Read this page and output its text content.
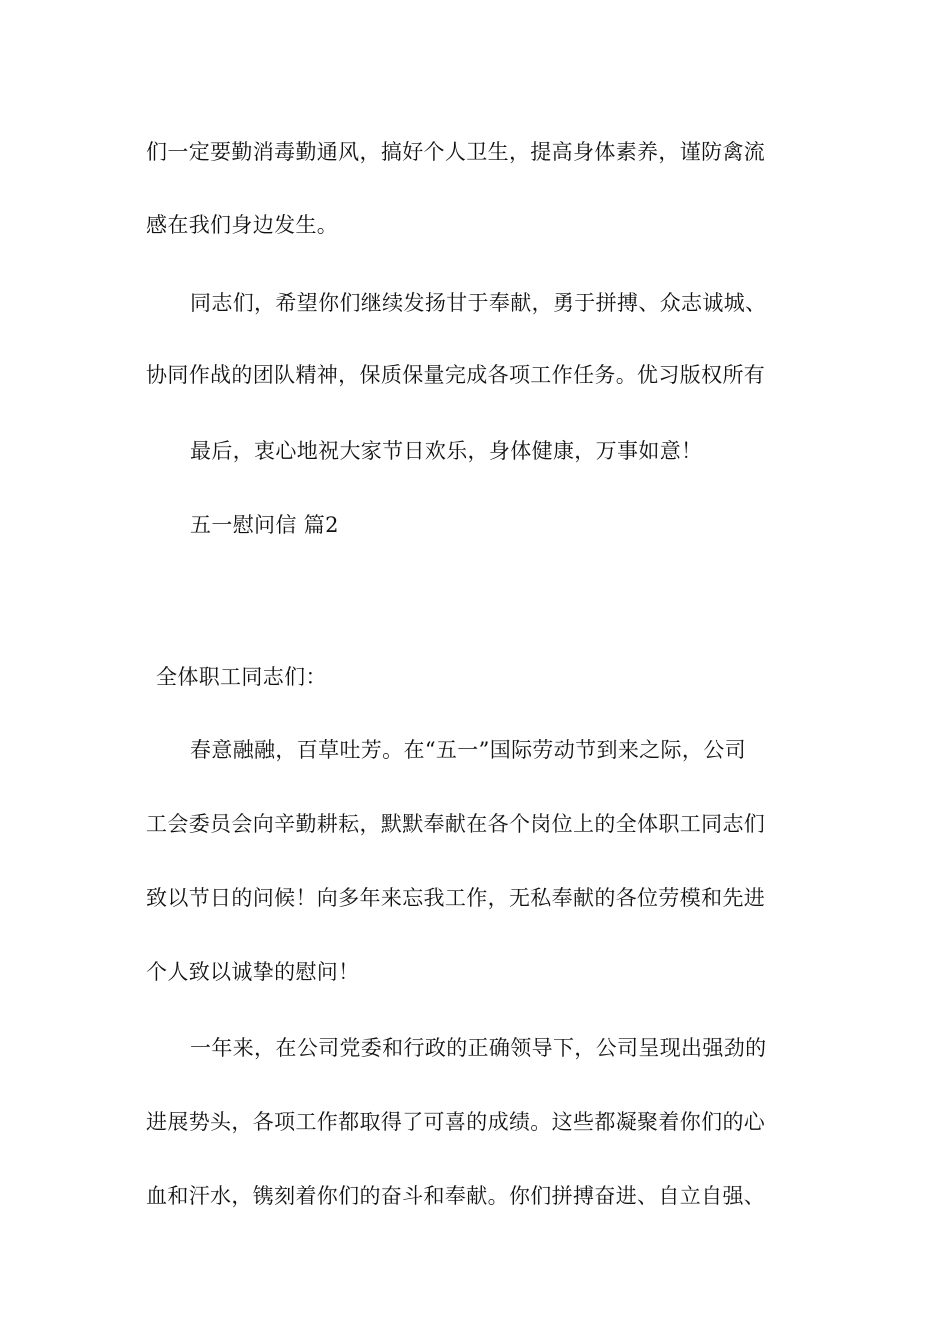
们一定要勤消毒勤通风，搞好个人卫生，提高身体素养，谨防禽流
感在我们身边发生。
同志们，希望你们继续发扬甘于奉献，勇于拼搏、众志诚城、
协同作战的团队精神，保质保量完成各项工作任务。优习版权所有
最后，衷心地祝大家节日欢乐，身体健康，万事如意！
五一慰问信 篇2
全体职工同志们：
春意融融，百草吐芳。在“五一”国际劳动节到来之际，公司
工会委员会向辛勤耕耘，默默奉献在各个岗位上的全体职工同志们
致以节日的问候！向多年来忘我工作，无私奉献的各位劳模和先进
个人致以诚挚的慰问！
一年来，在公司党委和行政的正确领导下，公司呈现出强劲的
进展势头，各项工作都取得了可喜的成绩。这些都凝聚着你们的心
血和汗水，镌刻着你们的奋斗和奉献。你们拼搏奋进、自立自强、
